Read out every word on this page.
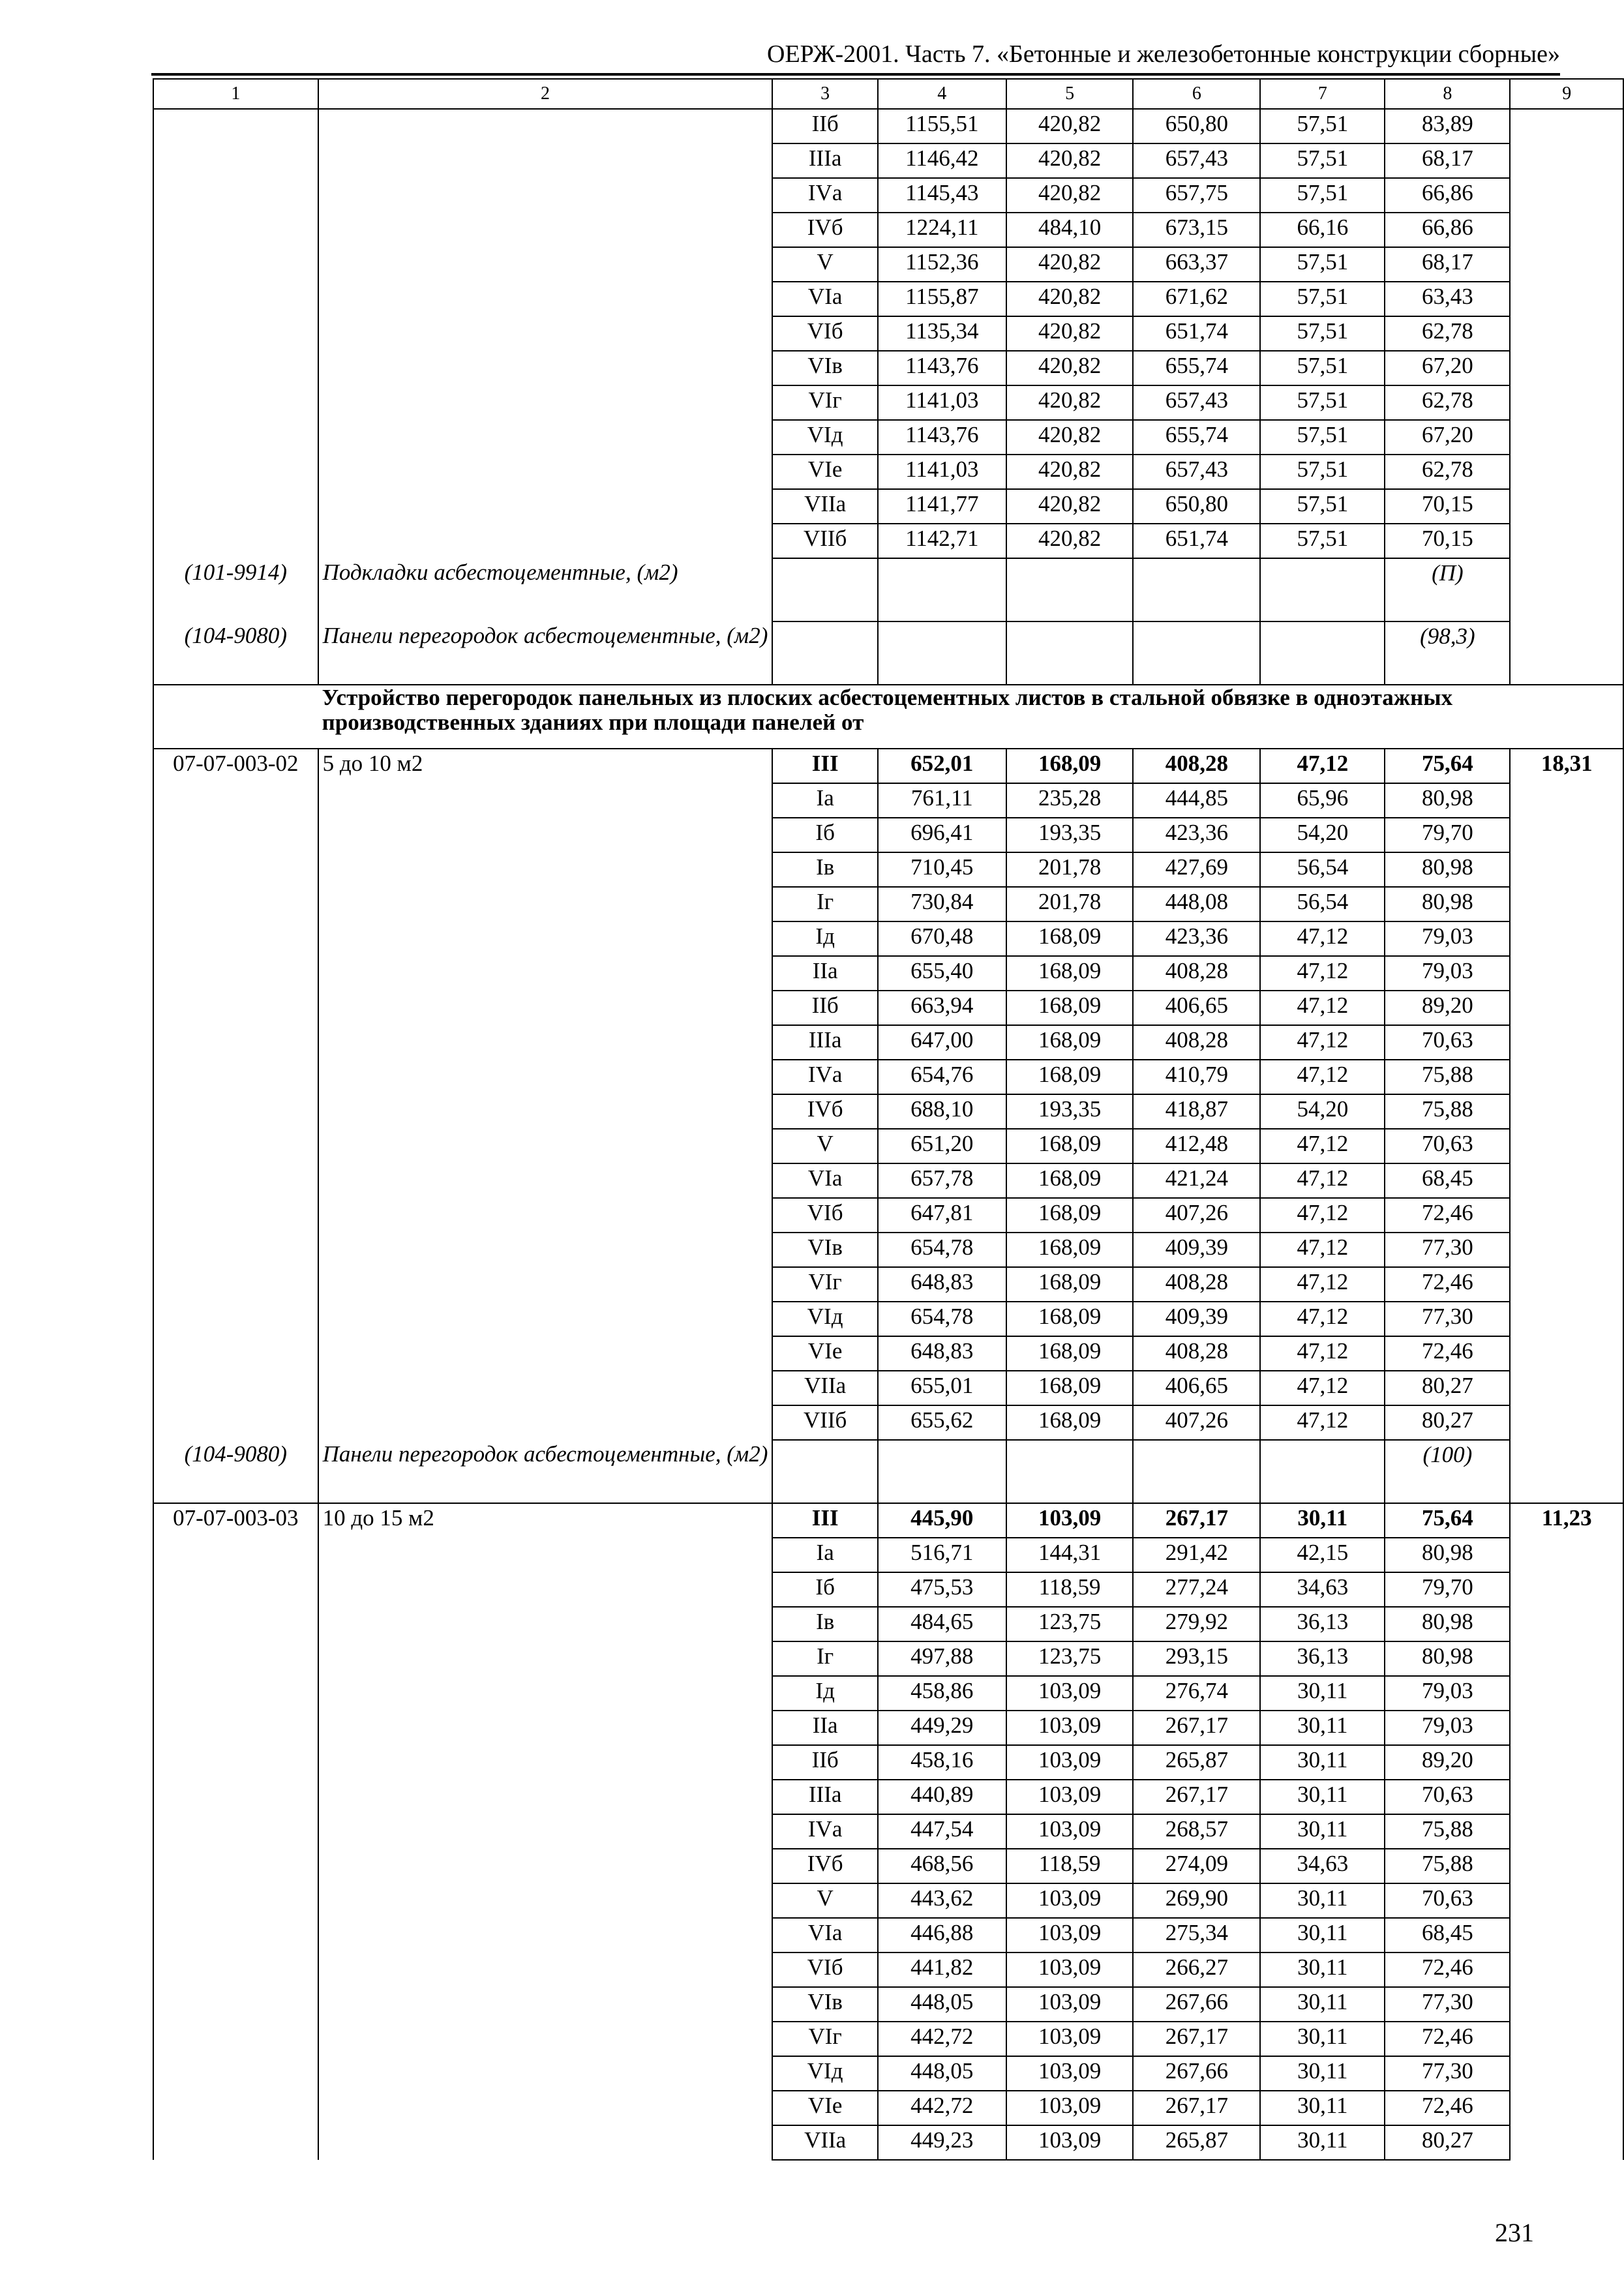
ОЕРЖ-2001. Часть 7. «Бетонные и железобетонные конструкции сборные»
1	2	3	4	5	6	7	8	9
		IIб	1155,51	420,82	650,80	57,51	83,89	
		IIIа	1146,42	420,82	657,43	57,51	68,17	
		IVа	1145,43	420,82	657,75	57,51	66,86	
		IVб	1224,11	484,10	673,15	66,16	66,86	
		V	1152,36	420,82	663,37	57,51	68,17	
		VIа	1155,87	420,82	671,62	57,51	63,43	
		VIб	1135,34	420,82	651,74	57,51	62,78	
		VIв	1143,76	420,82	655,74	57,51	67,20	
		VIг	1141,03	420,82	657,43	57,51	62,78	
		VIд	1143,76	420,82	655,74	57,51	67,20	
		VIе	1141,03	420,82	657,43	57,51	62,78	
		VIIа	1141,77	420,82	650,80	57,51	70,15	
		VIIб	1142,71	420,82	651,74	57,51	70,15	
(101-9914)	Подкладки асбестоцементные, (м2)						(П)	
(104-9080)	Панели перегородок асбестоцементные, (м2)						(98,3)	
	Устройство перегородок панельных из плоских асбестоцементных листов в стальной обвязке в одноэтажных производственных зданиях при площади панелей от							
07-07-003-02	5 до 10 м2	III	652,01	168,09	408,28	47,12	75,64	18,31
		Iа	761,11	235,28	444,85	65,96	80,98	
		Iб	696,41	193,35	423,36	54,20	79,70	
		Iв	710,45	201,78	427,69	56,54	80,98	
		Iг	730,84	201,78	448,08	56,54	80,98	
		Iд	670,48	168,09	423,36	47,12	79,03	
		IIа	655,40	168,09	408,28	47,12	79,03	
		IIб	663,94	168,09	406,65	47,12	89,20	
		IIIа	647,00	168,09	408,28	47,12	70,63	
		IVа	654,76	168,09	410,79	47,12	75,88	
		IVб	688,10	193,35	418,87	54,20	75,88	
		V	651,20	168,09	412,48	47,12	70,63	
		VIа	657,78	168,09	421,24	47,12	68,45	
		VIб	647,81	168,09	407,26	47,12	72,46	
		VIв	654,78	168,09	409,39	47,12	77,30	
		VIг	648,83	168,09	408,28	47,12	72,46	
		VIд	654,78	168,09	409,39	47,12	77,30	
		VIе	648,83	168,09	408,28	47,12	72,46	
		VIIа	655,01	168,09	406,65	47,12	80,27	
		VIIб	655,62	168,09	407,26	47,12	80,27	
(104-9080)	Панели перегородок асбестоцементные, (м2)						(100)	
07-07-003-03	10 до 15 м2	III	445,90	103,09	267,17	30,11	75,64	11,23
		Iа	516,71	144,31	291,42	42,15	80,98	
		Iб	475,53	118,59	277,24	34,63	79,70	
		Iв	484,65	123,75	279,92	36,13	80,98	
		Iг	497,88	123,75	293,15	36,13	80,98	
		Iд	458,86	103,09	276,74	30,11	79,03	
		IIа	449,29	103,09	267,17	30,11	79,03	
		IIб	458,16	103,09	265,87	30,11	89,20	
		IIIа	440,89	103,09	267,17	30,11	70,63	
		IVа	447,54	103,09	268,57	30,11	75,88	
		IVб	468,56	118,59	274,09	34,63	75,88	
		V	443,62	103,09	269,90	30,11	70,63	
		VIа	446,88	103,09	275,34	30,11	68,45	
		VIб	441,82	103,09	266,27	30,11	72,46	
		VIв	448,05	103,09	267,66	30,11	77,30	
		VIг	442,72	103,09	267,17	30,11	72,46	
		VIд	448,05	103,09	267,66	30,11	77,30	
		VIе	442,72	103,09	267,17	30,11	72,46	
		VIIа	449,23	103,09	265,87	30,11	80,27	
231
